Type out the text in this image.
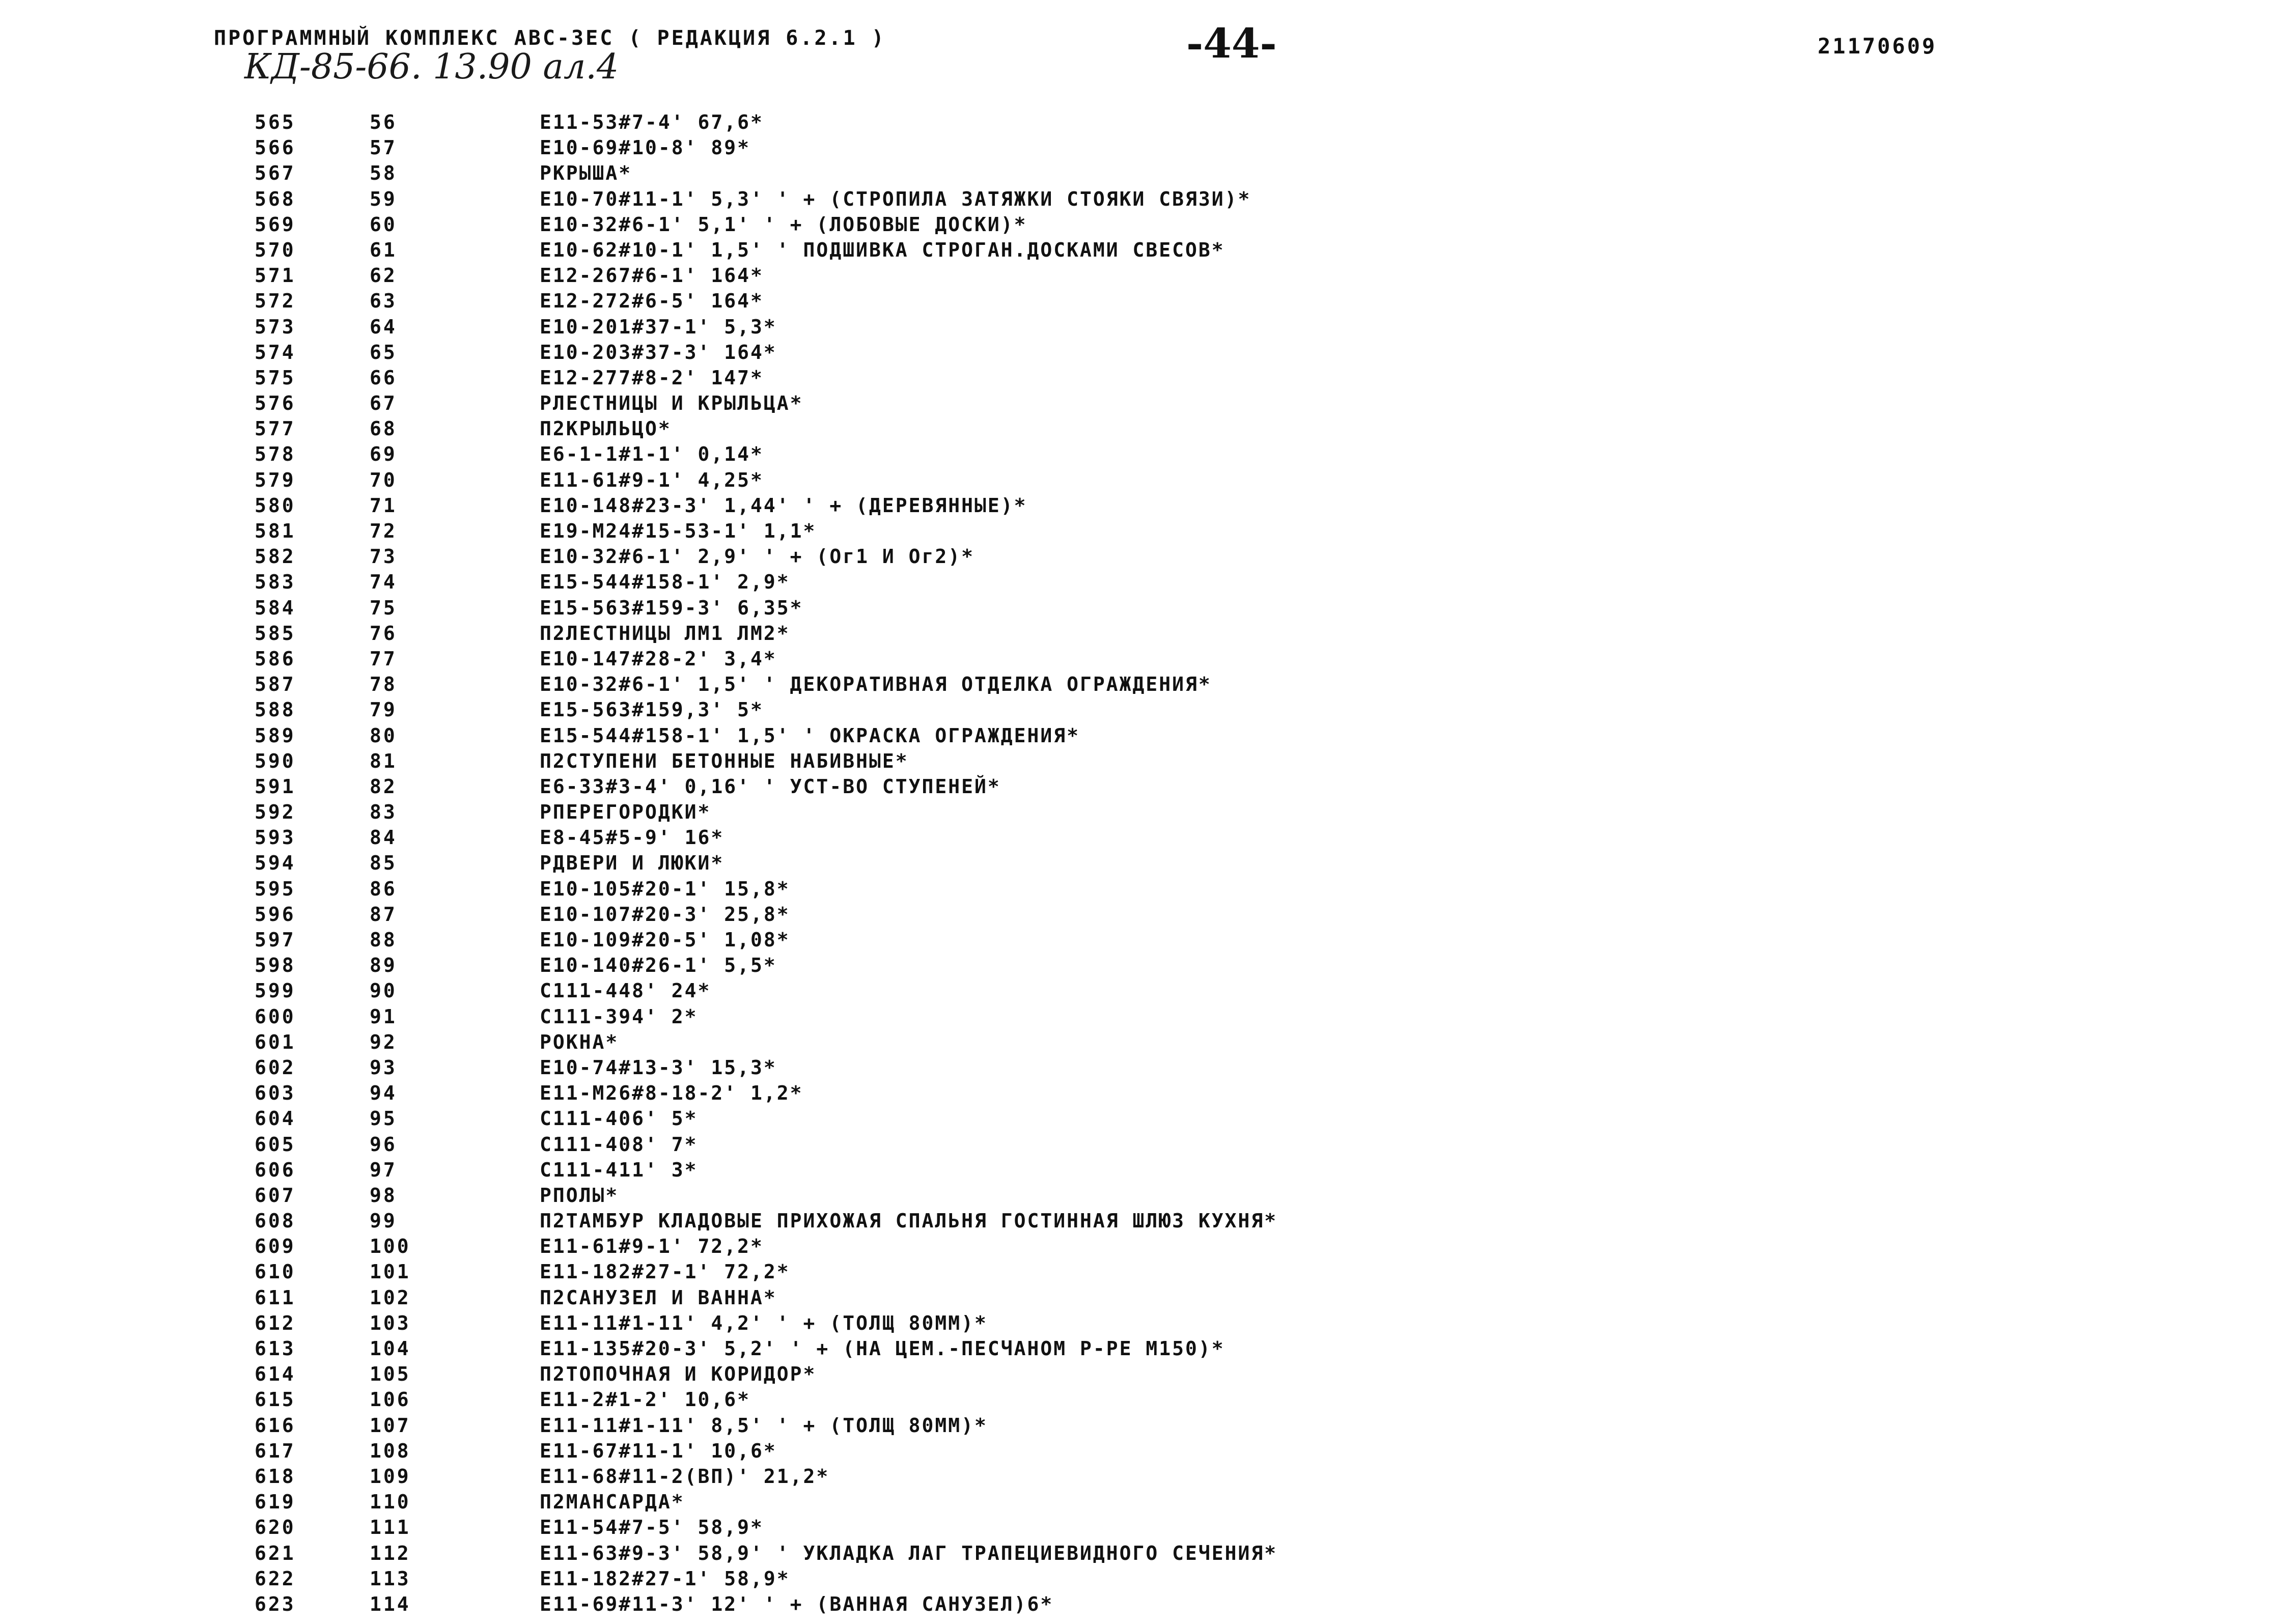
ПРОГРАММНЫЙ КОМПЛЕКС АВС-3ЕС ( РЕДАКЦИЯ 6.2.1 )
КД-85-66. 13.90 ал.4	-44-	21170609
565	56	Е11-53#7-4' 67,6*
566	57	Е10-69#10-8' 89*
567	58	РКРЫША*
568	59	Е10-70#11-1' 5,3' ' + (СТРОПИЛА ЗАТЯЖКИ СТОЯКИ СВЯЗИ)*
569	60	Е10-32#6-1' 5,1' ' + (ЛОБОВЫЕ ДОСКИ)*
570	61	Е10-62#10-1' 1,5' ' ПОДШИВКА СТРОГАН.ДОСКАМИ СВЕСОВ*
571	62	Е12-267#6-1' 164*
572	63	Е12-272#6-5' 164*
573	64	Е10-201#37-1' 5,3*
574	65	Е10-203#37-3' 164*
575	66	Е12-277#8-2' 147*
576	67	РЛЕСТНИЦЫ И КРЫЛЬЦА*
577	68	П2КРЫЛЬЦО*
578	69	Е6-1-1#1-1' 0,14*
579	70	Е11-61#9-1' 4,25*
580	71	Е10-148#23-3' 1,44' ' + (ДЕРЕВЯННЫЕ)*
581	72	Е19-М24#15-53-1' 1,1*
582	73	Е10-32#6-1' 2,9' ' + (Ог1 И Ог2)*
583	74	Е15-544#158-1' 2,9*
584	75	Е15-563#159-3' 6,35*
585	76	П2ЛЕСТНИЦЫ ЛМ1 ЛМ2*
586	77	Е10-147#28-2' 3,4*
587	78	Е10-32#6-1' 1,5' ' ДЕКОРАТИВНАЯ ОТДЕЛКА ОГРАЖДЕНИЯ*
588	79	Е15-563#159,3' 5*
589	80	Е15-544#158-1' 1,5' ' ОКРАСКА ОГРАЖДЕНИЯ*
590	81	П2СТУПЕНИ БЕТОННЫЕ НАБИВНЫЕ*
591	82	Е6-33#3-4' 0,16' ' УСТ-ВО СТУПЕНЕЙ*
592	83	РПЕРЕГОРОДКИ*
593	84	Е8-45#5-9' 16*
594	85	РДВЕРИ И ЛЮКИ*
595	86	Е10-105#20-1' 15,8*
596	87	Е10-107#20-3' 25,8*
597	88	Е10-109#20-5' 1,08*
598	89	Е10-140#26-1' 5,5*
599	90	С111-448' 24*
600	91	С111-394' 2*
601	92	РОКНА*
602	93	Е10-74#13-3' 15,3*
603	94	Е11-М26#8-18-2' 1,2*
604	95	С111-406' 5*
605	96	С111-408' 7*
606	97	С111-411' 3*
607	98	РПОЛЫ*
608	99	П2ТАМБУР КЛАДОВЫЕ ПРИХОЖАЯ СПАЛЬНЯ ГОСТИННАЯ ШЛЮЗ КУХНЯ*
609	100	Е11-61#9-1' 72,2*
610	101	Е11-182#27-1' 72,2*
611	102	П2САНУЗЕЛ И ВАННА*
612	103	Е11-11#1-11' 4,2' ' + (ТОЛЩ 80ММ)*
613	104	Е11-135#20-3' 5,2' ' + (НА ЦЕМ.-ПЕСЧАНОМ Р-РЕ М150)*
614	105	П2ТОПОЧНАЯ И КОРИДОР*
615	106	Е11-2#1-2' 10,6*
616	107	Е11-11#1-11' 8,5' ' + (ТОЛЩ 80ММ)*
617	108	Е11-67#11-1' 10,6*
618	109	Е11-68#11-2(ВП)' 21,2*
619	110	П2МАНСАРДА*
620	111	Е11-54#7-5' 58,9*
621	112	Е11-63#9-3' 58,9' ' УКЛАДКА ЛАГ ТРАПЕЦИЕВИДНОГО СЕЧЕНИЯ*
622	113	Е11-182#27-1' 58,9*
623	114	Е11-69#11-3' 12' ' + (ВАННАЯ САНУЗЕЛ)6*
